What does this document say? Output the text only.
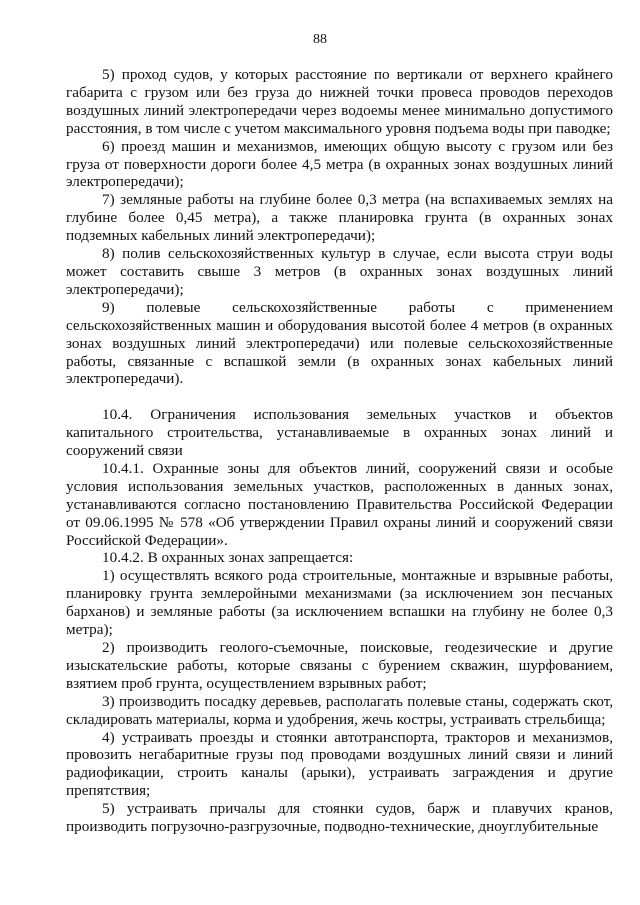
88

5) проход судов, у которых расстояние по вертикали от верхнего крайнего габарита с грузом или без груза до нижней точки провеса проводов переходов воздушных линий электропередачи через водоемы менее минимально допустимого расстояния, в том числе с учетом максимального уровня подъема воды при паводке;

6) проезд машин и механизмов, имеющих общую высоту с грузом или без груза от поверхности дороги более 4,5 метра (в охранных зонах воздушных линий электропередачи);

7) земляные работы на глубине более 0,3 метра (на вспахиваемых землях на глубине более 0,45 метра), а также планировка грунта (в охранных зонах подземных кабельных линий электропередачи);

8) полив сельскохозяйственных культур в случае, если высота струи воды может составить свыше 3 метров (в охранных зонах воздушных линий электропередачи);

9) полевые сельскохозяйственные работы с применением сельскохозяйственных машин и оборудования высотой более 4 метров (в охранных зонах воздушных линий электропередачи) или полевые сельскохозяйственные работы, связанные с вспашкой земли (в охранных зонах кабельных линий электропередачи).

10.4. Ограничения использования земельных участков и объектов капитального строительства, устанавливаемые в охранных зонах линий и сооружений связи

10.4.1. Охранные зоны для объектов линий, сооружений связи и особые условия использования земельных участков, расположенных в данных зонах, устанавливаются согласно постановлению Правительства Российской Федерации от 09.06.1995 № 578 «Об утверждении Правил охраны линий и сооружений связи Российской Федерации».

10.4.2. В охранных зонах запрещается:

1) осуществлять всякого рода строительные, монтажные и взрывные работы, планировку грунта землеройными механизмами (за исключением зон песчаных барханов) и земляные работы (за исключением вспашки на глубину не более 0,3 метра);

2) производить геолого-съемочные, поисковые, геодезические и другие изыскательские работы, которые связаны с бурением скважин, шурфованием, взятием проб грунта, осуществлением взрывных работ;

3) производить посадку деревьев, располагать полевые станы, содержать скот, складировать материалы, корма и удобрения, жечь костры, устраивать стрельбища;

4) устраивать проезды и стоянки автотранспорта, тракторов и механизмов, провозить негабаритные грузы под проводами воздушных линий связи и линий радиофикации, строить каналы (арыки), устраивать заграждения и другие препятствия;

5) устраивать причалы для стоянки судов, барж и плавучих кранов, производить погрузочно-разгрузочные, подводно-технические, дноуглубительные
